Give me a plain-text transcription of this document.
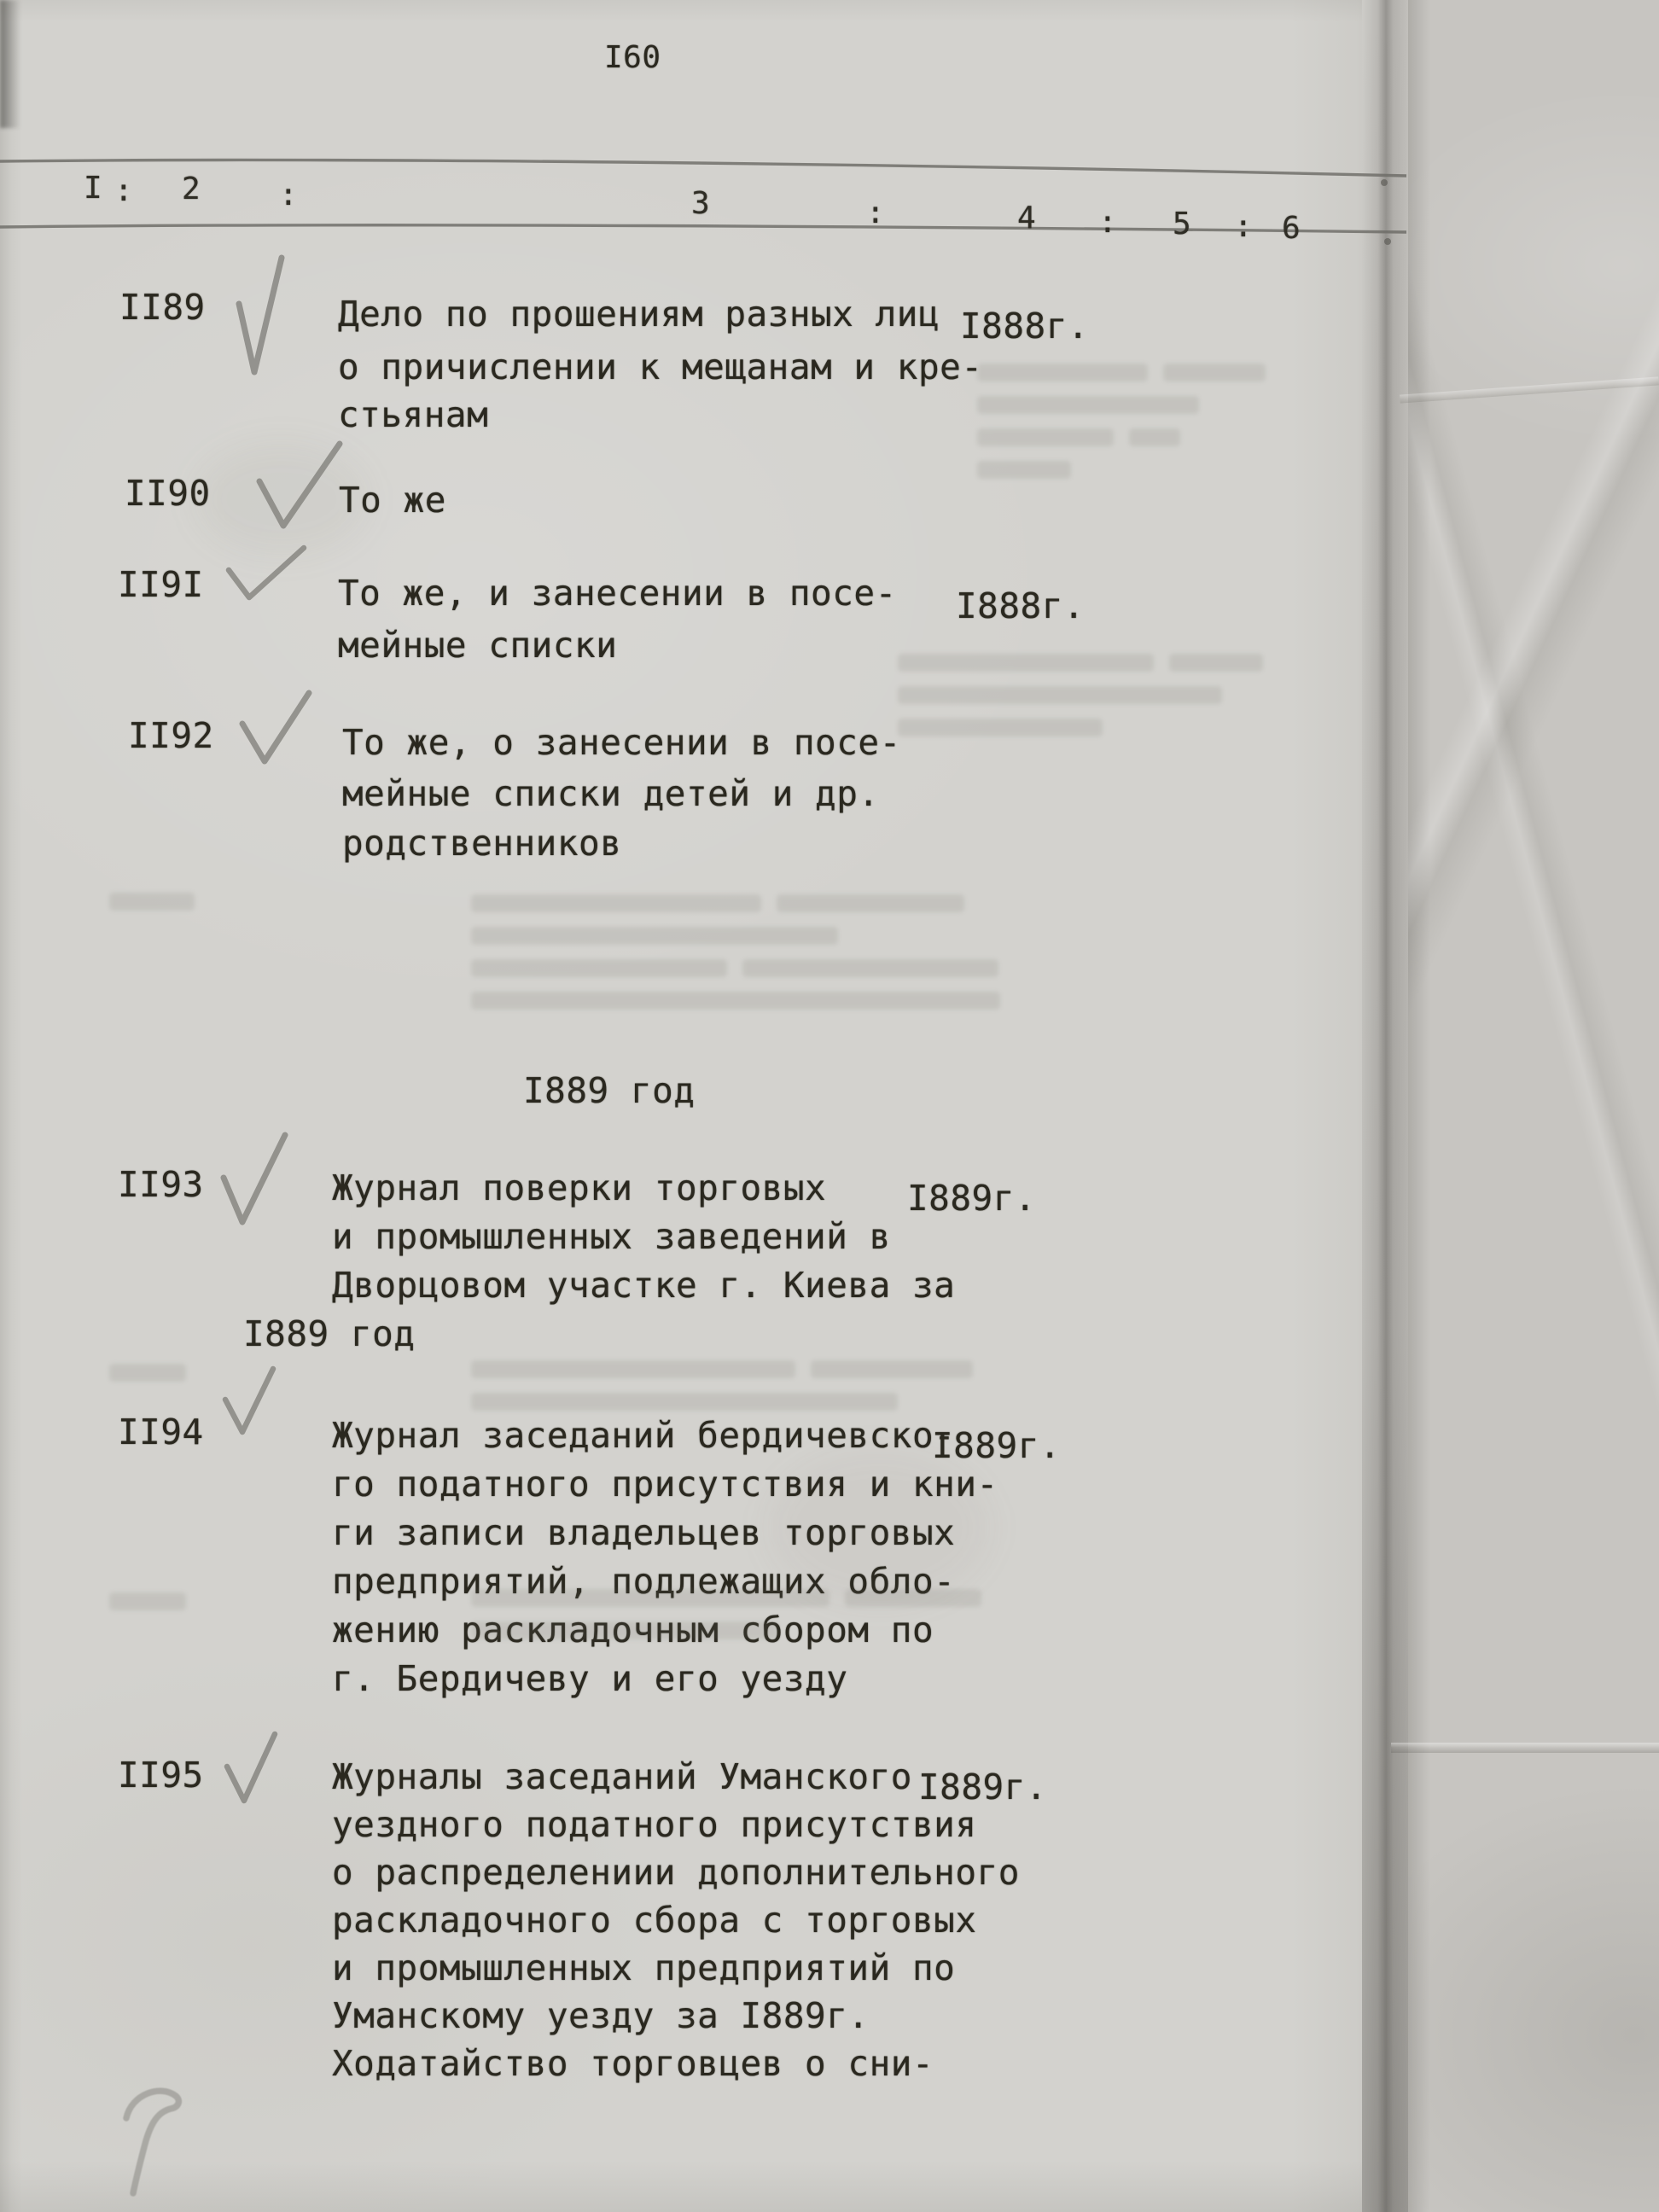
I60
I : 2	:	3	:	4 : 5 : 6
II89	Дело по прошениям разных лиц
о причислении к мещанам и кре-
стьянам
I888г.
II90	То же
II9I	То же, и занесении в посе-
мейные списки
I888г.
II92	То же, о занесении в посе-
мейные списки детей и др.
родственников
I889 год
II93	Журнал поверки торговых
и промышленных заведений в
Дворцовом участке г. Киева за
I889 год
I889г.
II94	Журнал заседаний бердичевско-
го податного присутствия и кни-
ги записи владельцев торговых
предприятий, подлежащих обло-
жению раскладочным сбором по
г. Бердичеву и его уезду
I889г.
II95	Журналы заседаний Уманского
уездного податного присутствия
о распределениии дополнительного
раскладочного сбора с торговых
и промышленных предприятий по
Уманскому уезду за I889г.
Ходатайство торговцев о сни-
I889г.
